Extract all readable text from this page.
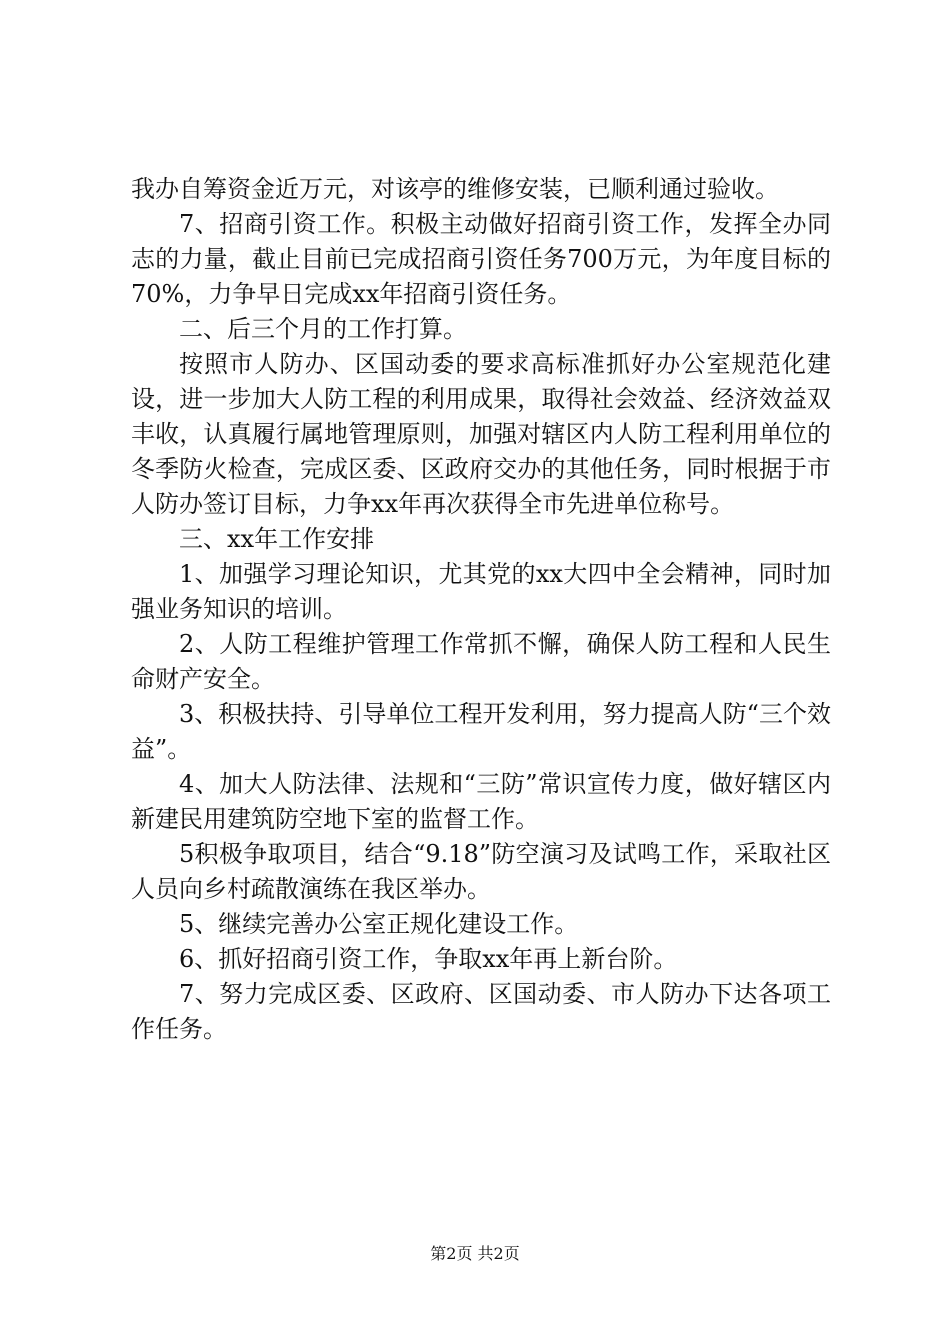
我办自筹资金近万元，对该亭的维修安装，已顺利通过验收。

7、招商引资工作。积极主动做好招商引资工作，发挥全办同志的力量，截止目前已完成招商引资任务700万元，为年度目标的70%，力争早日完成xx年招商引资任务。

二、后三个月的工作打算。

按照市人防办、区国动委的要求高标准抓好办公室规范化建设，进一步加大人防工程的利用成果，取得社会效益、经济效益双丰收，认真履行属地管理原则，加强对辖区内人防工程利用单位的冬季防火检查，完成区委、区政府交办的其他任务，同时根据于市人防办签订目标，力争xx年再次获得全市先进单位称号。

三、xx年工作安排

1、加强学习理论知识，尤其党的xx大四中全会精神，同时加强业务知识的培训。

2、人防工程维护管理工作常抓不懈，确保人防工程和人民生命财产安全。

3、积极扶持、引导单位工程开发利用，努力提高人防“三个效益”。

4、加大人防法律、法规和“三防”常识宣传力度，做好辖区内新建民用建筑防空地下室的监督工作。

5积极争取项目，结合“9.18”防空演习及试鸣工作，采取社区人员向乡村疏散演练在我区举办。

5、继续完善办公室正规化建设工作。

6、抓好招商引资工作，争取xx年再上新台阶。

7、努力完成区委、区政府、区国动委、市人防办下达各项工作任务。

第2页 共2页
